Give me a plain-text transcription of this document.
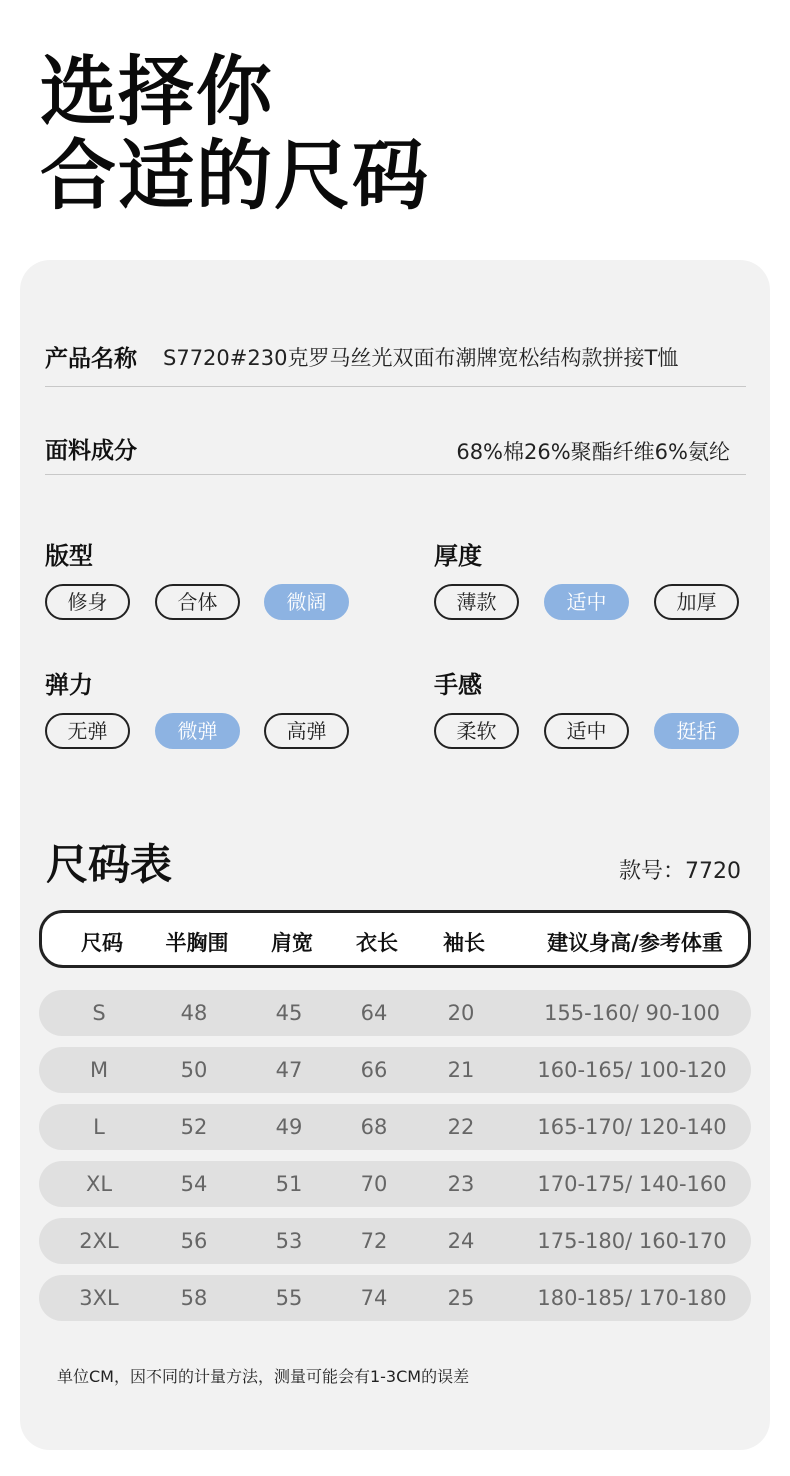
选择你
合适的尺码
产品名称 S7720#230克罗马丝光双面布潮牌宽松结构款拼接T恤
面料成分	68%棉26%聚酯纤维6%氨纶
版型
修身	合体	微阔
厚度
薄款	适中	加厚
弹力
无弹	微弹	高弹
手感
柔软	适中	挺括
尺码表	款号：7720
尺码	半胸围	肩宽	衣长	袖长	建议身高/参考体重
S	48	45	64	20	155-160/ 90-100
M	50	47	66	21	160-165/ 100-120
L	52	49	68	22	165-170/ 120-140
XL	54	51	70	23	170-175/ 140-160
2XL	56	53	72	24	175-180/ 160-170
3XL	58	55	74	25	180-185/ 170-180
单位CM，因不同的计量方法，测量可能会有1-3CM的误差
